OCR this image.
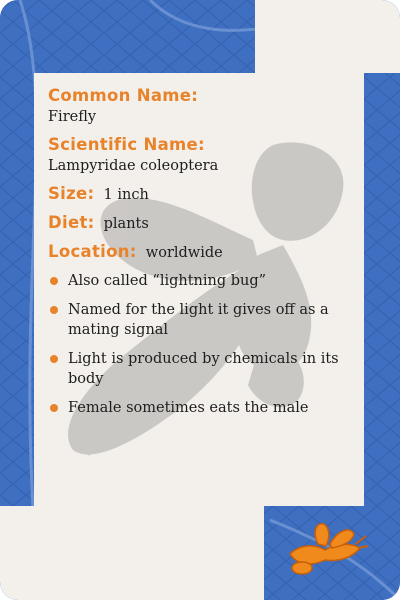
Common Name:
Firefly
Scientific Name:
Lampyridae coleoptera
Size: 1 inch
Diet: plants
Location: worldwide
Also called “lightning bug”
Named for the light it gives off as a mating signal
Light is produced by chemicals in its body
Female sometimes eats the male
